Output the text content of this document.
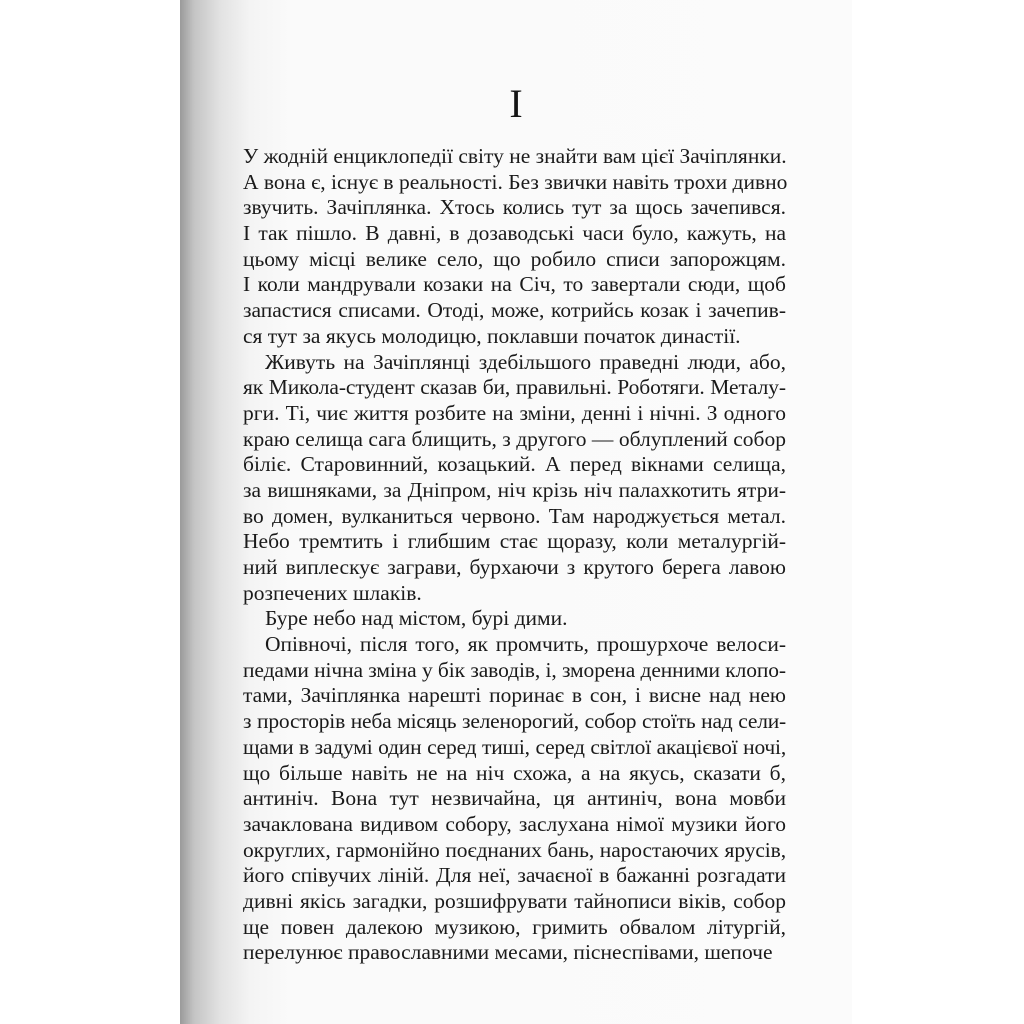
I
У жодній енциклопедії світу не знайти вам цієї Зачіплянки.
А вона є, існує в реальності. Без звички навіть трохи дивно
звучить. Зачіплянка. Хтось колись тут за щось зачепився.
І так пішло. В давні, в дозаводські часи було, кажуть, на
цьому місці велике село, що робило списи запорожцям.
І коли мандрували козаки на Січ, то завертали сюди, щоб
запастися списами. Отоді, може, котрийсь козак і зачепив-
ся тут за якусь молодицю, поклавши початок династії.
Живуть на Зачіплянці здебільшого праведні люди, або,
як Микола-студент сказав би, правильні. Роботяги. Металу-
рги. Ті, чиє життя розбите на зміни, денні і нічні. З одного
краю селища сага блищить, з другого — облуплений собор
біліє. Старовинний, козацький. А перед вікнами селища,
за вишняками, за Дніпром, ніч крізь ніч палахкотить ятри-
во домен, вулканиться червоно. Там народжується метал.
Небо тремтить і глибшим стає щоразу, коли металургій-
ний виплескує заграви, бурхаючи з крутого берега лавою
розпечених шлаків.
Буре небо над містом, бурі дими.
Опівночі, після того, як промчить, прошурхоче велоси-
педами нічна зміна у бік заводів, і, зморена денними клопо-
тами, Зачіплянка нарешті поринає в сон, і висне над нею
з просторів неба місяць зеленорогий, собор стоїть над сели-
щами в задумі один серед тиші, серед світлої акацієвої ночі,
що більше навіть не на ніч схожа, а на якусь, сказати б,
антиніч. Вона тут незвичайна, ця антиніч, вона мовби
зачаклована видивом собору, заслухана німої музики його
округлих, гармонійно поєднаних бань, наростаючих ярусів,
його співучих ліній. Для неї, зачаєної в бажанні розгадати
дивні якісь загадки, розшифрувати тайнописи віків, собор
ще повен далекою музикою, гримить обвалом літургій,
перелунює православними месами, піснеспівами, шепоче
